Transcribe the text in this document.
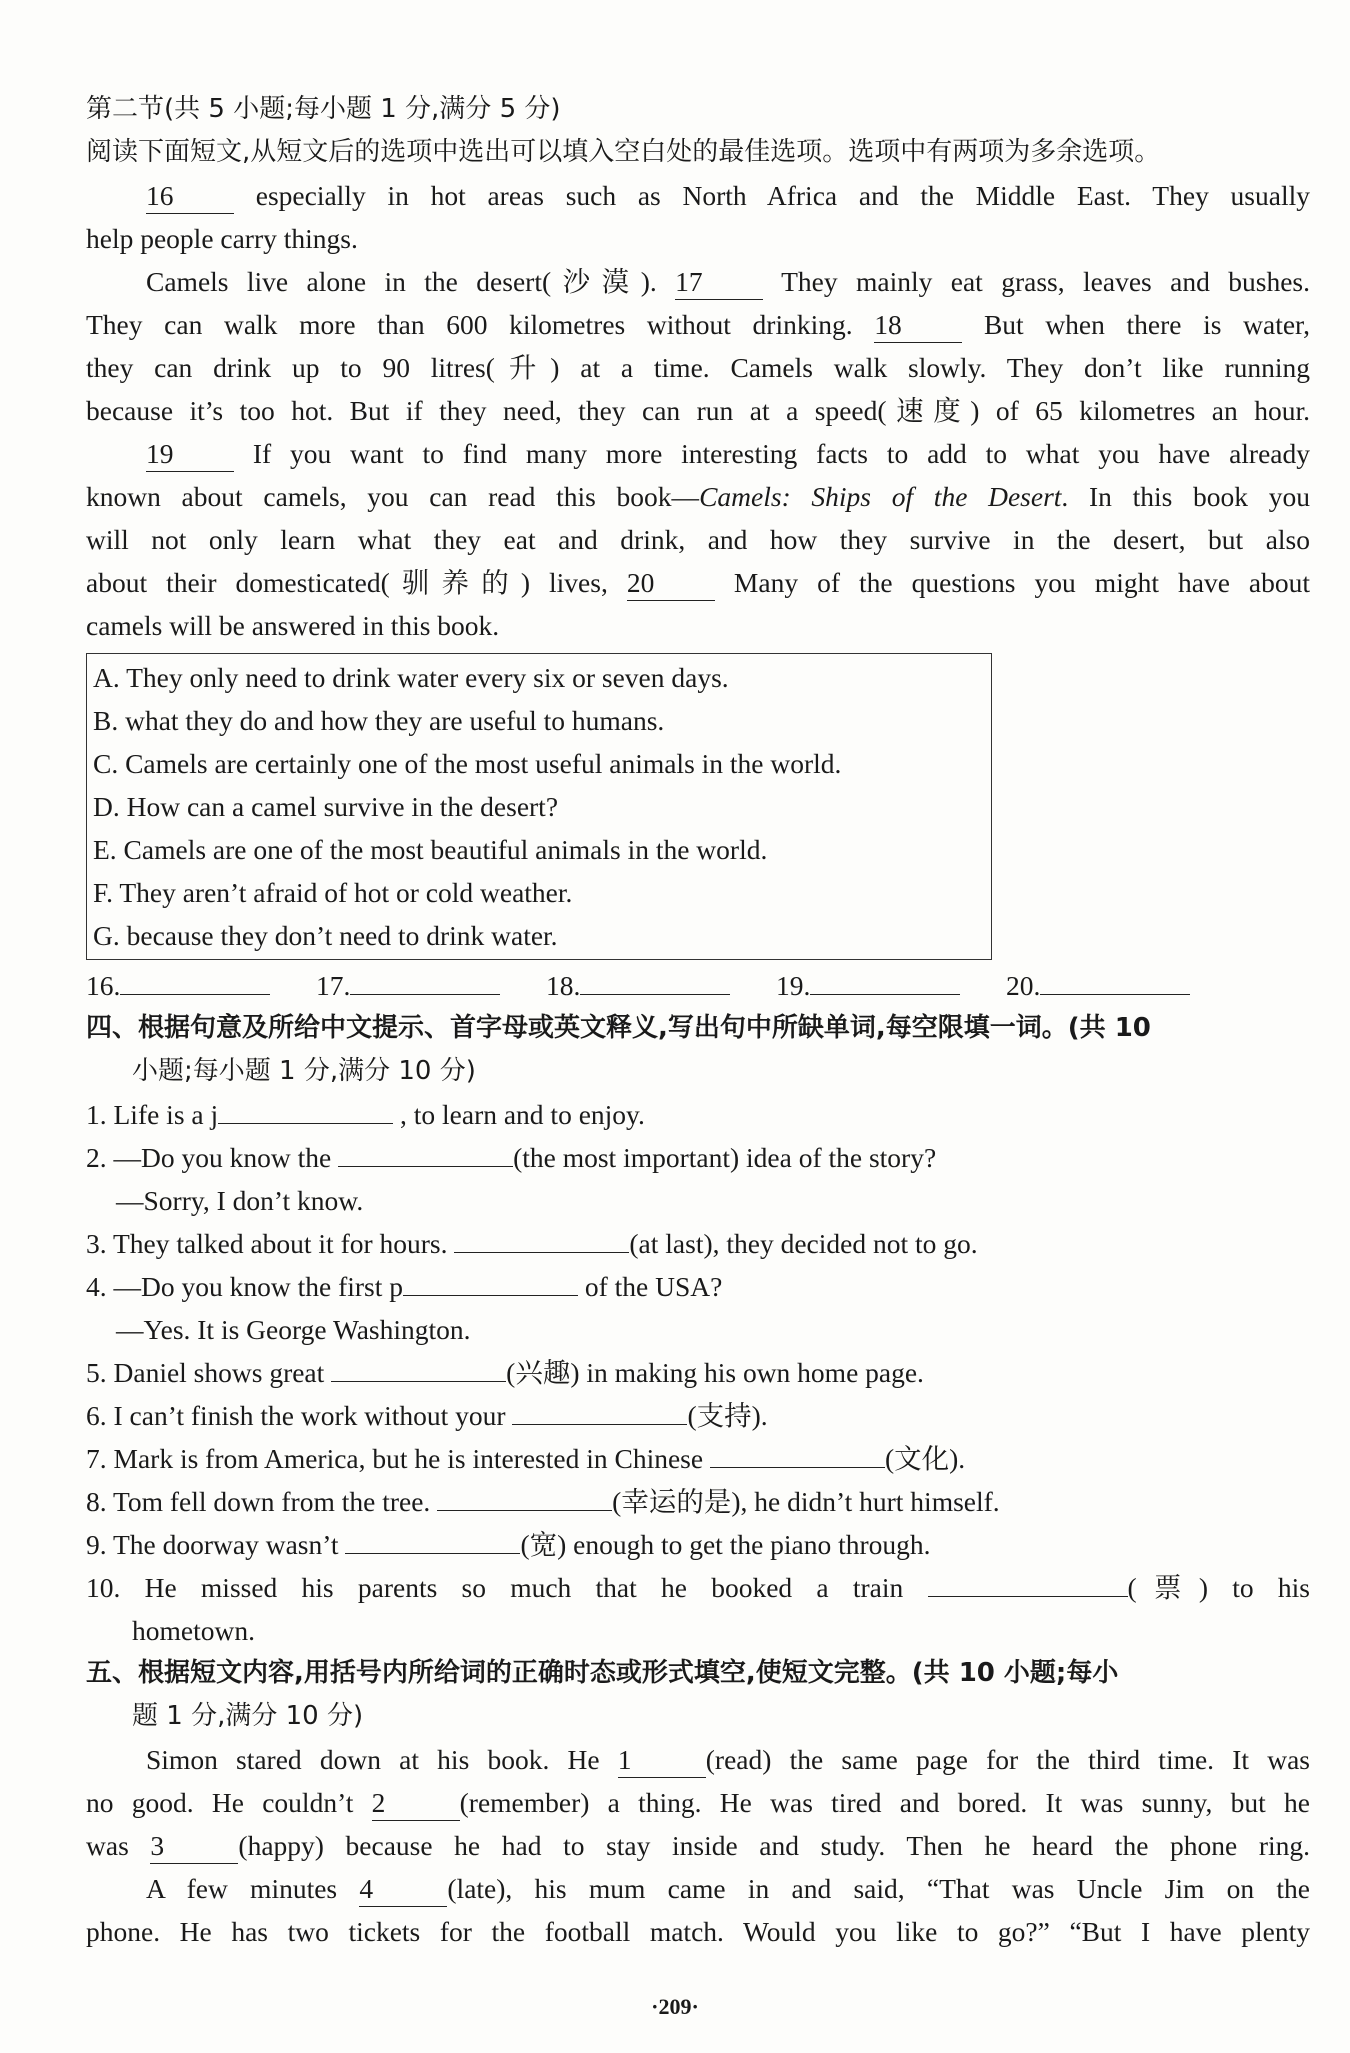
第二节(共 5 小题;每小题 1 分,满分 5 分)
阅读下面短文,从短文后的选项中选出可以填入空白处的最佳选项。选项中有两项为多余选项。
16	especially in hot areas such as North Africa and the Middle East. They usually
help people carry things.
Camels live alone in the desert(沙漠). 17	They mainly eat grass, leaves and bushes.
They can walk more than 600 kilometres without drinking. 18	But when there is water,
they can drink up to 90 litres(升) at a time. Camels walk slowly. They don’t like running
because it’s too hot. But if they need, they can run at a speed(速度) of 65 kilometres an hour.
19	If you want to find many more interesting facts to add to what you have already
known about camels, you can read this book—Camels: Ships of the Desert. In this book you
will not only learn what they eat and drink, and how they survive in the desert, but also
about their domesticated(驯养的) lives, 20	Many of the questions you might have about
camels will be answered in this book.
A. They only need to drink water every six or seven days.
B. what they do and how they are useful to humans.
C. Camels are certainly one of the most useful animals in the world.
D. How can a camel survive in the desert?
E. Camels are one of the most beautiful animals in the world.
F. They aren’t afraid of hot or cold weather.
G. because they don’t need to drink water.
16.	17.	18.	19.	20.
四、根据句意及所给中文提示、首字母或英文释义,写出句中所缺单词,每空限填一词。(共 10
小题;每小题 1 分,满分 10 分)
1. Life is a j	, to learn and to enjoy.
2. —Do you know the	(the most important) idea of the story?
—Sorry, I don’t know.
3. They talked about it for hours.	(at last), they decided not to go.
4. —Do you know the first p	of the USA?
—Yes. It is George Washington.
5. Daniel shows great	(兴趣) in making his own home page.
6. I can’t finish the work without your	(支持).
7. Mark is from America, but he is interested in Chinese	(文化).
8. Tom fell down from the tree.	(幸运的是), he didn’t hurt himself.
9. The doorway wasn’t	(宽) enough to get the piano through.
10. He missed his parents so much that he booked a train	(票) to his
hometown.
五、根据短文内容,用括号内所给词的正确时态或形式填空,使短文完整。(共 10 小题;每小
题 1 分,满分 10 分)
Simon stared down at his book. He 1	(read) the same page for the third time. It was
no good. He couldn’t 2	(remember) a thing. He was tired and bored. It was sunny, but he
was 3	(happy) because he had to stay inside and study. Then he heard the phone ring.
A few minutes 4	(late), his mum came in and said, “That was Uncle Jim on the
phone. He has two tickets for the football match. Would you like to go?” “But I have plenty
·209·
